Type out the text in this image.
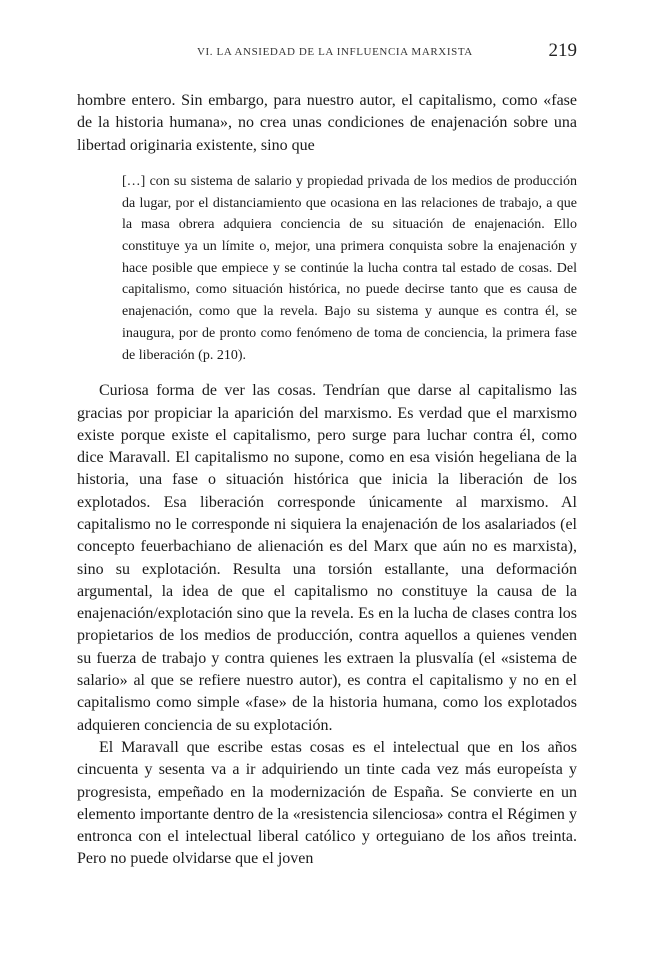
VI. LA ANSIEDAD DE LA INFLUENCIA MARXISTA	219

hombre entero. Sin embargo, para nuestro autor, el capitalismo, como «fase de la historia humana», no crea unas condiciones de enajenación sobre una libertad originaria existente, sino que

[…] con su sistema de salario y propiedad privada de los medios de producción da lugar, por el distanciamiento que ocasiona en las relaciones de trabajo, a que la masa obrera adquiera conciencia de su situación de enajenación. Ello constituye ya un límite o, mejor, una primera conquista sobre la enajenación y hace posible que empiece y se continúe la lucha contra tal estado de cosas. Del capitalismo, como situación histórica, no puede decirse tanto que es causa de enajenación, como que la revela. Bajo su sistema y aunque es contra él, se inaugura, por de pronto como fenómeno de toma de conciencia, la primera fase de liberación (p. 210).

Curiosa forma de ver las cosas. Tendrían que darse al capitalismo las gracias por propiciar la aparición del marxismo. Es verdad que el marxismo existe porque existe el capitalismo, pero surge para luchar contra él, como dice Maravall. El capitalismo no supone, como en esa visión hegeliana de la historia, una fase o situación histórica que inicia la liberación de los explotados. Esa liberación corresponde únicamente al marxismo. Al capitalismo no le corresponde ni siquiera la enajenación de los asalariados (el concepto feuerbachiano de alienación es del Marx que aún no es marxista), sino su explotación. Resulta una torsión estallante, una deformación argumental, la idea de que el capitalismo no constituye la causa de la enajenación/explotación sino que la revela. Es en la lucha de clases contra los propietarios de los medios de producción, contra aquellos a quienes venden su fuerza de trabajo y contra quienes les extraen la plusvalía (el «sistema de salario» al que se refiere nuestro autor), es contra el capitalismo y no en el capitalismo como simple «fase» de la historia humana, como los explotados adquieren conciencia de su explotación.

El Maravall que escribe estas cosas es el intelectual que en los años cincuenta y sesenta va a ir adquiriendo un tinte cada vez más europeísta y progresista, empeñado en la modernización de España. Se convierte en un elemento importante dentro de la «resistencia silenciosa» contra el Régimen y entronca con el intelectual liberal católico y orteguiano de los años treinta. Pero no puede olvidarse que el joven
